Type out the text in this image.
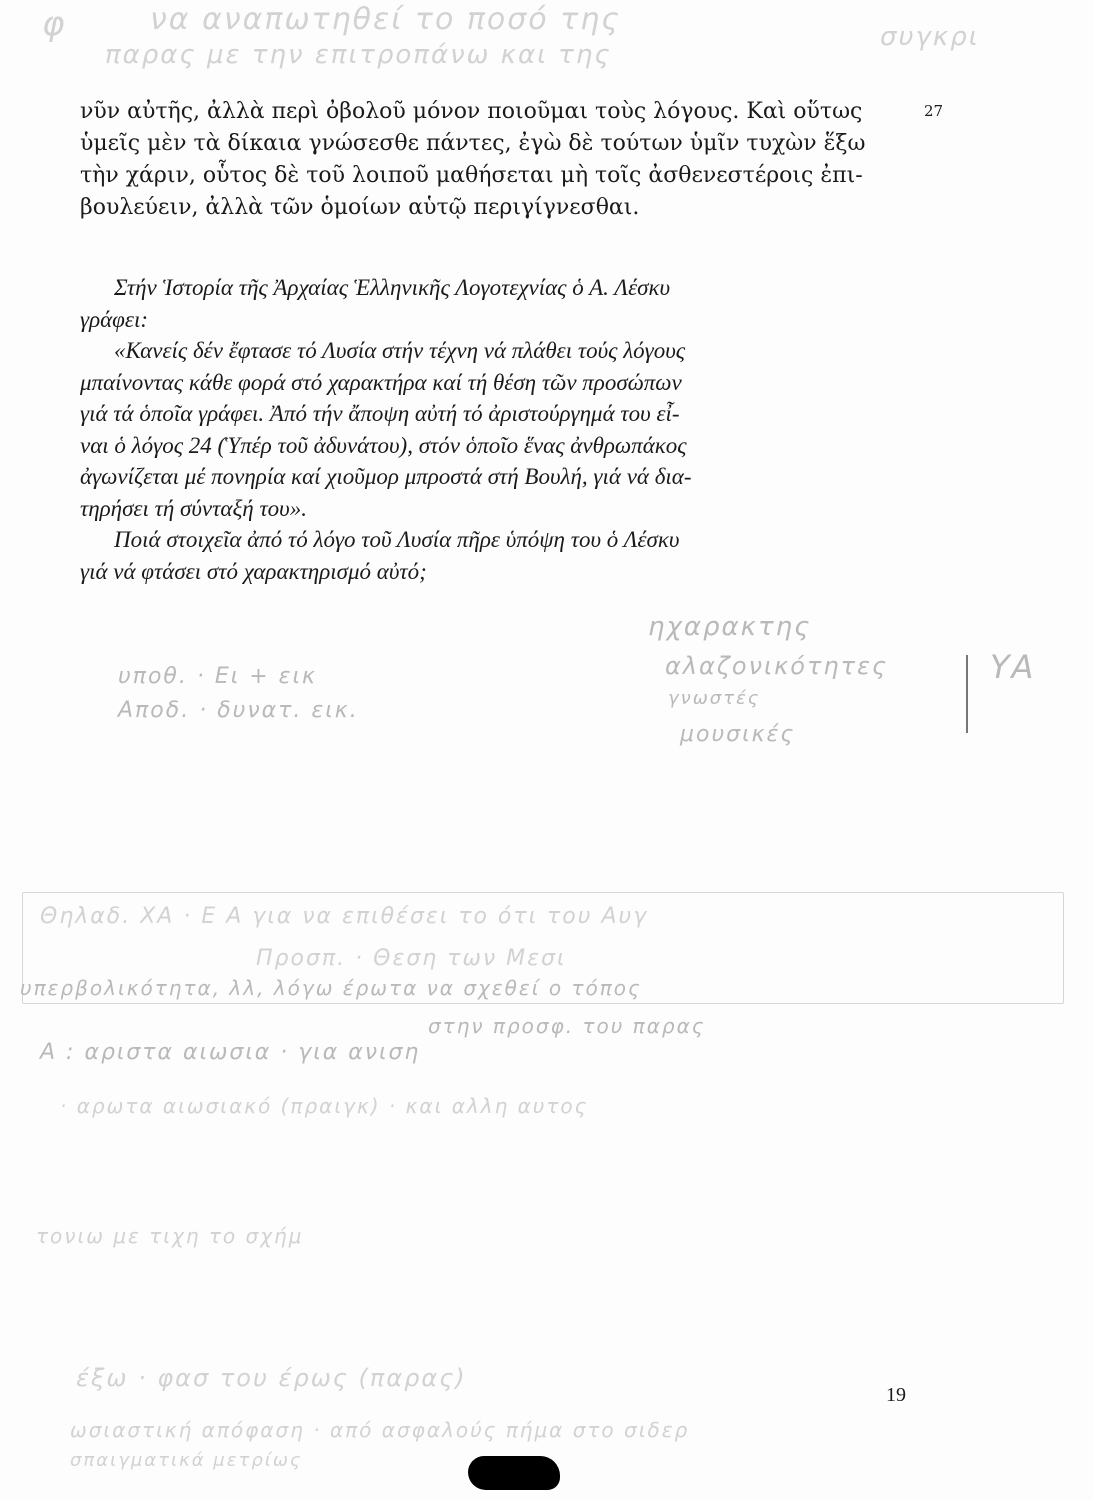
φ	να αναπωτηθεί το ποσό της
παρας με την επιτροπάνω και της
συγκρι
νῦν αὐτῆς, ἀλλὰ περὶ ὀβολοῦ μόνον ποιοῦμαι τοὺς λόγους. Καὶ οὕτως
ὑμεῖς μὲν τὰ δίκαια γνώσεσθε πάντες, ἐγὼ δὲ τούτων ὑμῖν τυχὼν ἕξω
τὴν χάριν, οὗτος δὲ τοῦ λοιποῦ μαθήσεται μὴ τοῖς ἀσθενεστέροις ἐπι-
βουλεύειν, ἀλλὰ τῶν ὁμοίων αὑτῷ περιγίγνεσθαι.
27
Στήν Ἱστορία τῆς Ἀρχαίας Ἑλληνικῆς Λογοτεχνίας ὁ Α. Λέσκυ
γράφει:
«Κανείς δέν ἔφτασε τό Λυσία στήν τέχνη νά πλάθει τούς λόγους
μπαίνοντας κάθε φορά στό χαρακτήρα καί τή θέση τῶν προσώπων
γιά τά ὁποῖα γράφει. Ἀπό τήν ἄποψη αὐτή τό ἀριστούργημά του εἶ-
ναι ὁ λόγος 24 (Ὑπέρ τοῦ ἀδυνάτου), στόν ὁποῖο ἕνας ἀνθρωπάκος
ἀγωνίζεται μέ πονηρία καί χιοῦμορ μπροστά στή Βουλή, γιά νά δια-
τηρήσει τή σύνταξή του».
Ποιά στοιχεῖα ἀπό τό λόγο τοῦ Λυσία πῆρε ὑπόψη του ὁ Λέσκυ
γιά νά φτάσει στό χαρακτηρισμό αὐτό;
ηχαρακτης
αλαζονικότητες
γνωστές
μουσικές
ΥΑ
υποθ. · Ει + εικ
Αποδ. · δυνατ. εικ.
Θηλαδ. ΧΑ · Ε Α για να επιθέσει το ότι του Αυγ
Προσπ. · Θεση των Μεσι
υπερβολικότητα, λλ, λόγω έρωτα να σχεθεί ο τόπος
στην προσφ. του παρας
Α : αριστα αιωσια · για ανιση
· αρωτα αιωσιακό (πραιγκ) · και αλλη αυτος
τονιω με τιχη το σχήμ
έξω · φασ του έρως (παρας)
ωσιαστική απόφαση · από ασφαλούς πήμα στο σιδερ
σπαιγματικά μετρίως
19
